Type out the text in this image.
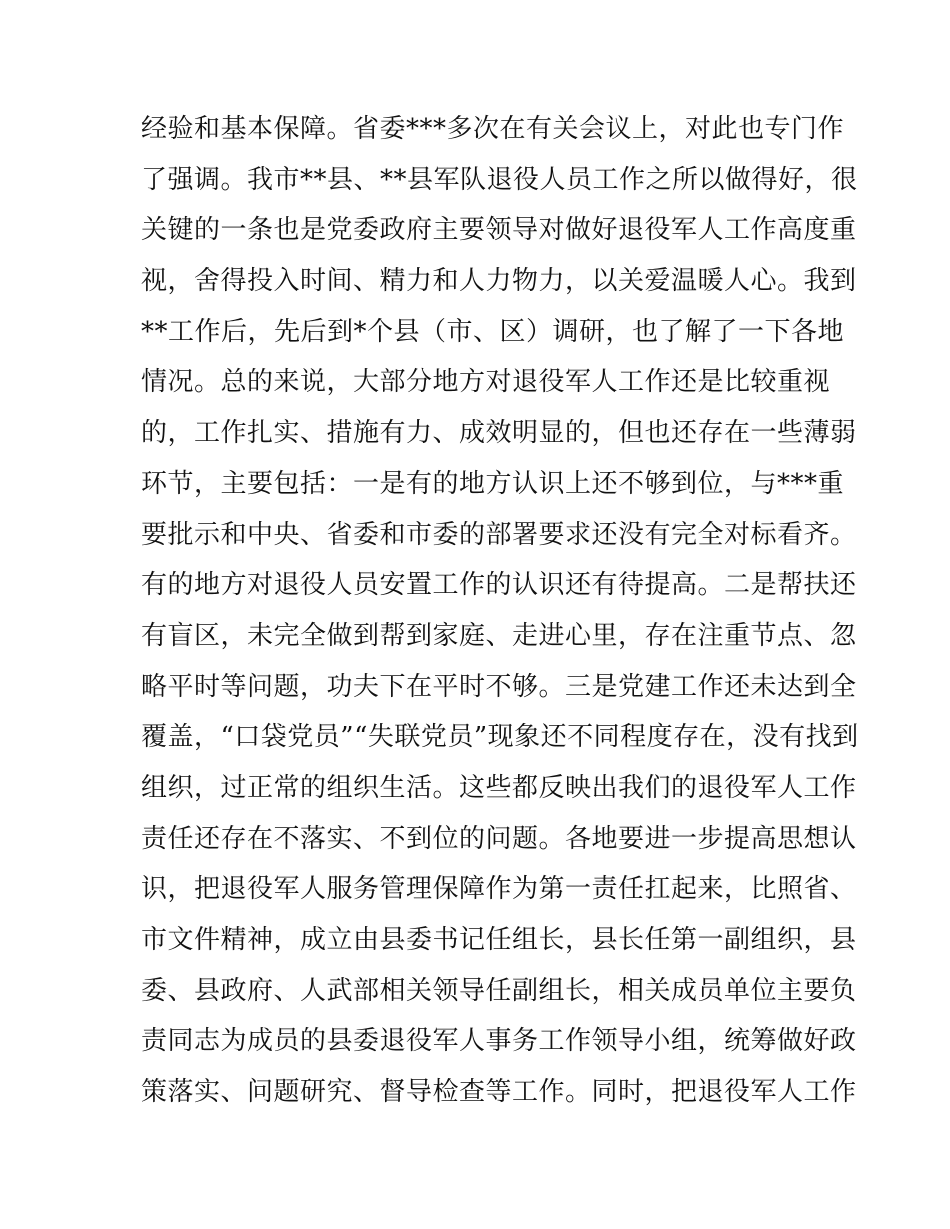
经验和基本保障。省委***多次在有关会议上，对此也专门作
了强调。我市**县、**县军队退役人员工作之所以做得好，很
关键的一条也是党委政府主要领导对做好退役军人工作高度重
视，舍得投入时间、精力和人力物力，以关爱温暖人心。我到
**工作后，先后到*个县（市、区）调研，也了解了一下各地
情况。总的来说，大部分地方对退役军人工作还是比较重视
的，工作扎实、措施有力、成效明显的，但也还存在一些薄弱
环节，主要包括：一是有的地方认识上还不够到位，与***重
要批示和中央、省委和市委的部署要求还没有完全对标看齐。
有的地方对退役人员安置工作的认识还有待提高。二是帮扶还
有盲区，未完全做到帮到家庭、走进心里，存在注重节点、忽
略平时等问题，功夫下在平时不够。三是党建工作还未达到全
覆盖，“口袋党员”“失联党员”现象还不同程度存在，没有找到
组织，过正常的组织生活。这些都反映出我们的退役军人工作
责任还存在不落实、不到位的问题。各地要进一步提高思想认
识，把退役军人服务管理保障作为第一责任扛起来，比照省、
市文件精神，成立由县委书记任组长，县长任第一副组织，县
委、县政府、人武部相关领导任副组长，相关成员单位主要负
责同志为成员的县委退役军人事务工作领导小组，统筹做好政
策落实、问题研究、督导检查等工作。同时，把退役军人工作
